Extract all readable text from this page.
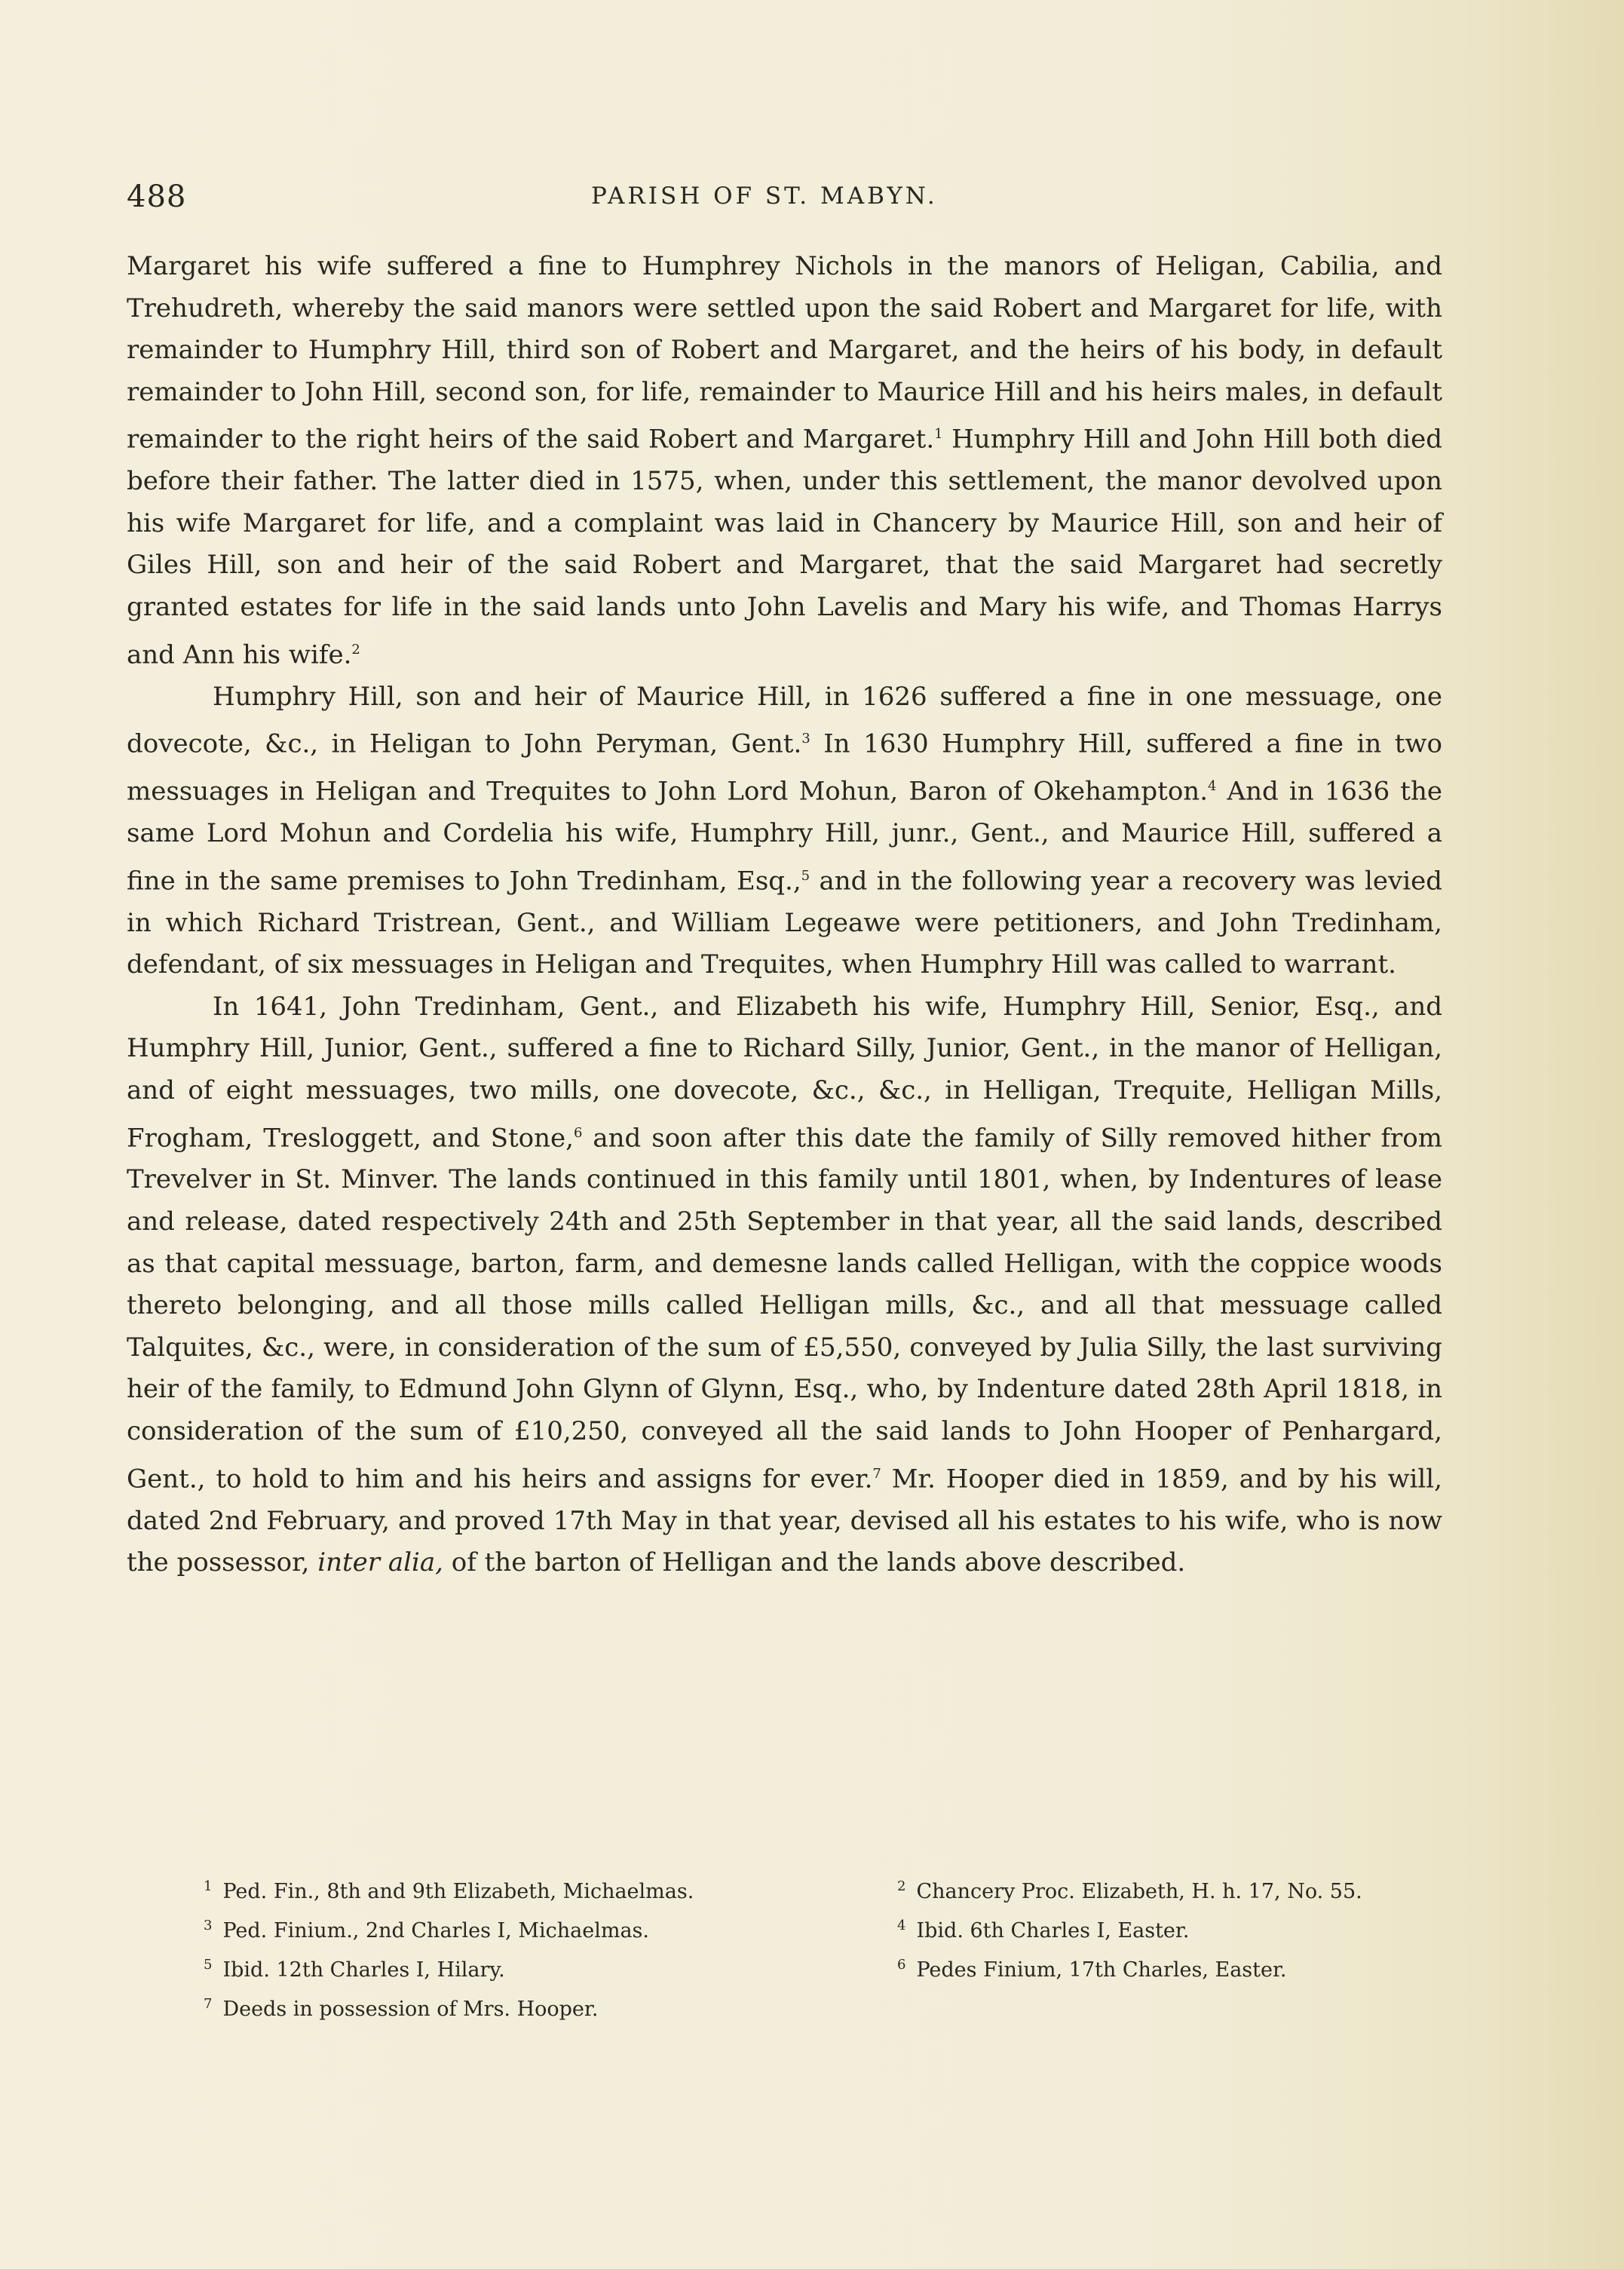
488	PARISH OF ST. MABYN.

Margaret his wife suffered a fine to Humphrey Nichols in the manors of Heligan, Cabilia, and Trehudreth, whereby the said manors were settled upon the said Robert and Margaret for life, with remainder to Humphry Hill, third son of Robert and Margaret, and the heirs of his body, in default remainder to John Hill, second son, for life, remainder to Maurice Hill and his heirs males, in default remainder to the right heirs of the said Robert and Margaret.$^1$ Humphry Hill and John Hill both died before their father. The latter died in 1575, when, under this settlement, the manor devolved upon his wife Margaret for life, and a complaint was laid in Chancery by Maurice Hill, son and heir of Giles Hill, son and heir of the said Robert and Margaret, that the said Margaret had secretly granted estates for life in the said lands unto John Lavelis and Mary his wife, and Thomas Harrys and Ann his wife.$^2$

Humphry Hill, son and heir of Maurice Hill, in 1626 suffered a fine in one messuage, one dovecote, &c., in Heligan to John Peryman, Gent.$^3$ In 1630 Humphry Hill, suffered a fine in two messuages in Heligan and Trequites to John Lord Mohun, Baron of Okehampton.$^4$ And in 1636 the same Lord Mohun and Cordelia his wife, Humphry Hill, junr., Gent., and Maurice Hill, suffered a fine in the same premises to John Tredinham, Esq.,$^5$ and in the following year a recovery was levied in which Richard Tristrean, Gent., and William Legeawe were petitioners, and John Tredinham, defendant, of six messuages in Heligan and Trequites, when Humphry Hill was called to warrant.

In 1641, John Tredinham, Gent., and Elizabeth his wife, Humphry Hill, Senior, Esq., and Humphry Hill, Junior, Gent., suffered a fine to Richard Silly, Junior, Gent., in the manor of Helligan, and of eight messuages, two mills, one dovecote, &c., &c., in Helligan, Trequite, Helligan Mills, Frogham, Tresloggett, and Stone,$^6$ and soon after this date the family of Silly removed hither from Trevelver in St. Minver. The lands continued in this family until 1801, when, by Indentures of lease and release, dated respectively 24th and 25th September in that year, all the said lands, described as that capital messuage, barton, farm, and demesne lands called Helligan, with the coppice woods thereto belonging, and all those mills called Helligan mills, &c., and all that messuage called Talquites, &c., were, in consideration of the sum of £5,550, conveyed by Julia Silly, the last surviving heir of the family, to Edmund John Glynn of Glynn, Esq., who, by Indenture dated 28th April 1818, in consideration of the sum of £10,250, conveyed all the said lands to John Hooper of Penhargard, Gent., to hold to him and his heirs and assigns for ever.$^7$ Mr. Hooper died in 1859, and by his will, dated 2nd February, and proved 17th May in that year, devised all his estates to his wife, who is now the possessor, inter alia, of the barton of Helligan and the lands above described.

$^1$ Ped. Fin., 8th and 9th Elizabeth, Michaelmas.
$^3$ Ped. Finium., 2nd Charles I, Michaelmas.
$^5$ Ibid. 12th Charles I, Hilary.
$^7$ Deeds in possession of Mrs. Hooper.
$^2$ Chancery Proc. Elizabeth, H. h. 17, No. 55.
$^4$ Ibid. 6th Charles I, Easter.
$^6$ Pedes Finium, 17th Charles, Easter.
